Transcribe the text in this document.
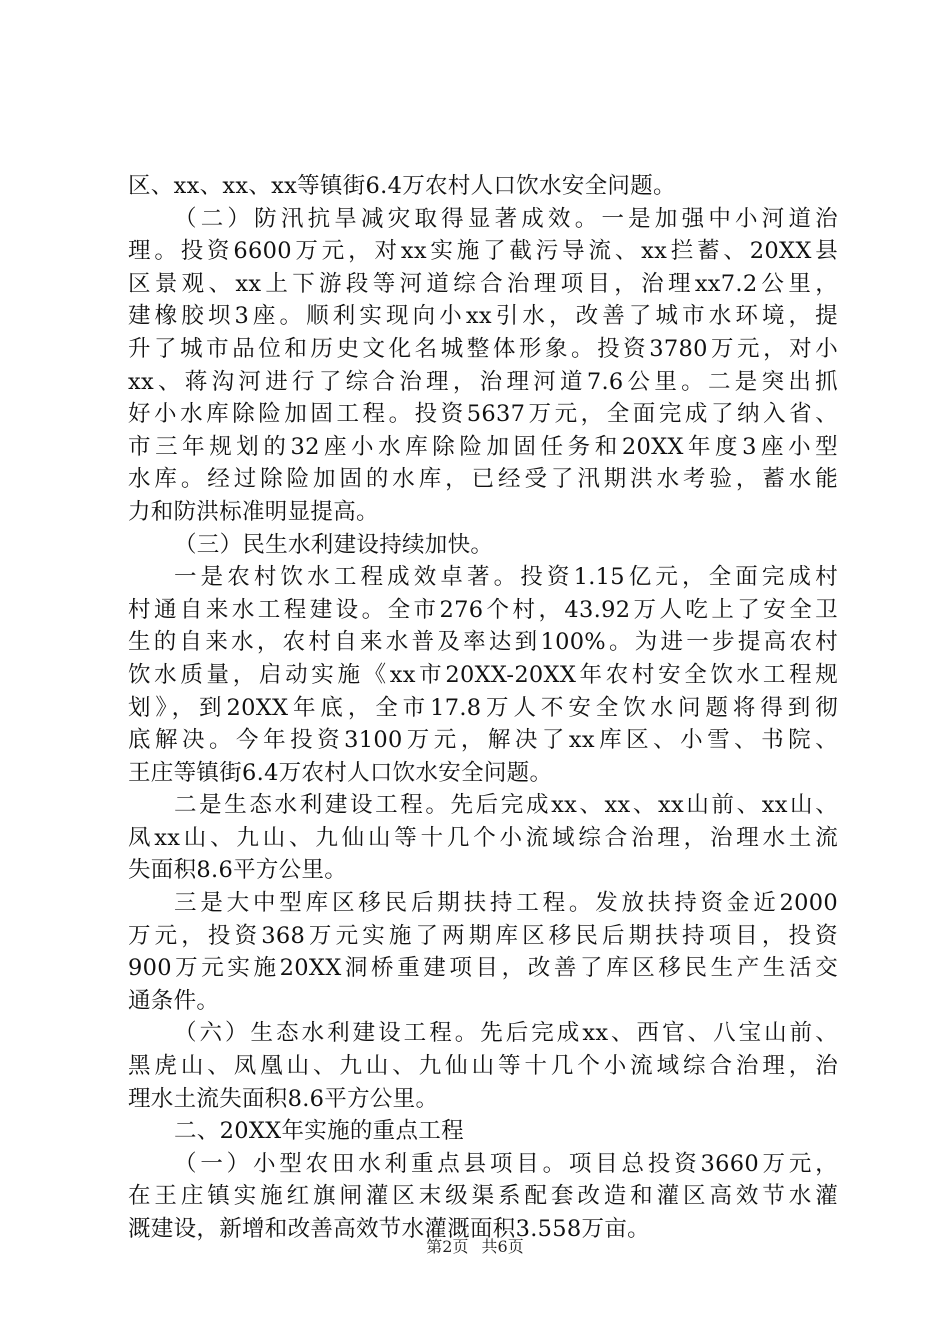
区、xx、xx、xx等镇街6.4万农村人口饮水安全问题。
（二）防汛抗旱减灾取得显著成效。一是加强中小河道治
理。投资6600万元，对xx实施了截污导流、xx拦蓄、20XX县
区景观、xx上下游段等河道综合治理项目，治理xx7.2公里，
建橡胶坝3座。顺利实现向小xx引水，改善了城市水环境，提
升了城市品位和历史文化名城整体形象。投资3780万元，对小
xx、蒋沟河进行了综合治理，治理河道7.6公里。二是突出抓
好小水库除险加固工程。投资5637万元，全面完成了纳入省、
市三年规划的32座小水库除险加固任务和20XX年度3座小型
水库。经过除险加固的水库，已经受了汛期洪水考验，蓄水能
力和防洪标准明显提高。
（三）民生水利建设持续加快。
一是农村饮水工程成效卓著。投资1.15亿元，全面完成村
村通自来水工程建设。全市276个村，43.92万人吃上了安全卫
生的自来水，农村自来水普及率达到100%。为进一步提高农村
饮水质量，启动实施《xx市20XX-20XX年农村安全饮水工程规
划》，到20XX年底，全市17.8万人不安全饮水问题将得到彻
底解决。今年投资3100万元，解决了xx库区、小雪、书院、
王庄等镇街6.4万农村人口饮水安全问题。
二是生态水利建设工程。先后完成xx、xx、xx山前、xx山、
凤xx山、九山、九仙山等十几个小流域综合治理，治理水土流
失面积8.6平方公里。
三是大中型库区移民后期扶持工程。发放扶持资金近2000
万元，投资368万元实施了两期库区移民后期扶持项目，投资
900万元实施20XX洞桥重建项目，改善了库区移民生产生活交
通条件。
（六）生态水利建设工程。先后完成xx、西官、八宝山前、
黑虎山、凤凰山、九山、九仙山等十几个小流域综合治理，治
理水土流失面积8.6平方公里。
二、20XX年实施的重点工程
（一）小型农田水利重点县项目。项目总投资3660万元，
在王庄镇实施红旗闸灌区末级渠系配套改造和灌区高效节水灌
溉建设，新增和改善高效节水灌溉面积3.558万亩。
第2页 共6页
